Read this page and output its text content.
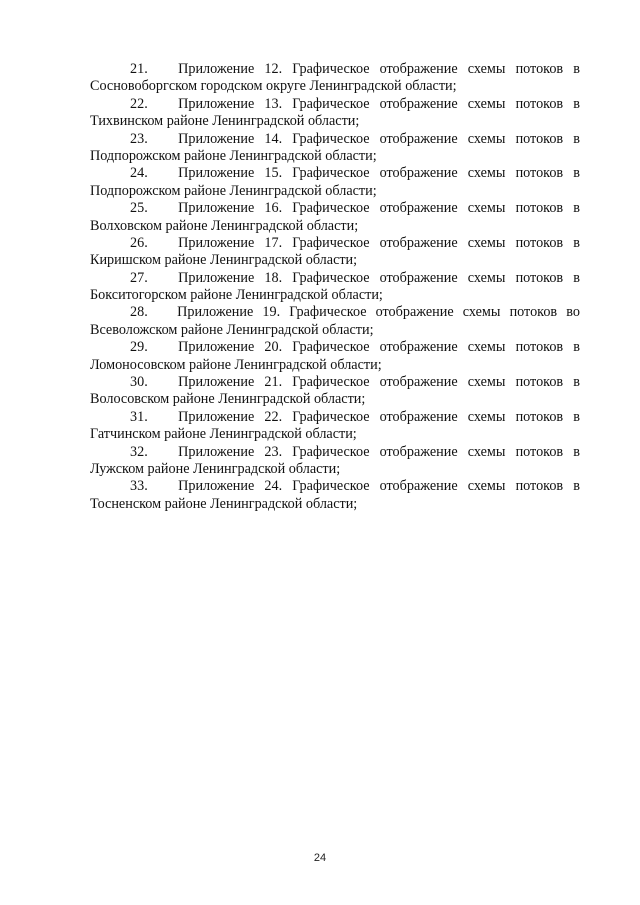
21.	Приложение 12. Графическое отображение схемы потоков в
Сосновоборгском городском округе Ленинградской области;
22.	Приложение 13. Графическое отображение схемы потоков в
Тихвинском районе Ленинградской области;
23.	Приложение 14. Графическое отображение схемы потоков в
Подпорожском районе Ленинградской области;
24.	Приложение 15. Графическое отображение схемы потоков в
Подпорожском районе Ленинградской области;
25.	Приложение 16. Графическое отображение схемы потоков в
Волховском районе Ленинградской области;
26.	Приложение 17. Графическое отображение схемы потоков в
Киришском районе Ленинградской области;
27.	Приложение 18. Графическое отображение схемы потоков в
Бокситогорском районе Ленинградской области;
28.	Приложение 19. Графическое отображение схемы потоков во
Всеволожском районе Ленинградской области;
29.	Приложение 20. Графическое отображение схемы потоков в
Ломоносовском районе Ленинградской области;
30.	Приложение 21. Графическое отображение схемы потоков в
Волосовском районе Ленинградской области;
31.	Приложение 22. Графическое отображение схемы потоков в
Гатчинском районе Ленинградской области;
32.	Приложение 23. Графическое отображение схемы потоков в
Лужском районе Ленинградской области;
33.	Приложение 24. Графическое отображение схемы потоков в
Тосненском районе Ленинградской области;
24
